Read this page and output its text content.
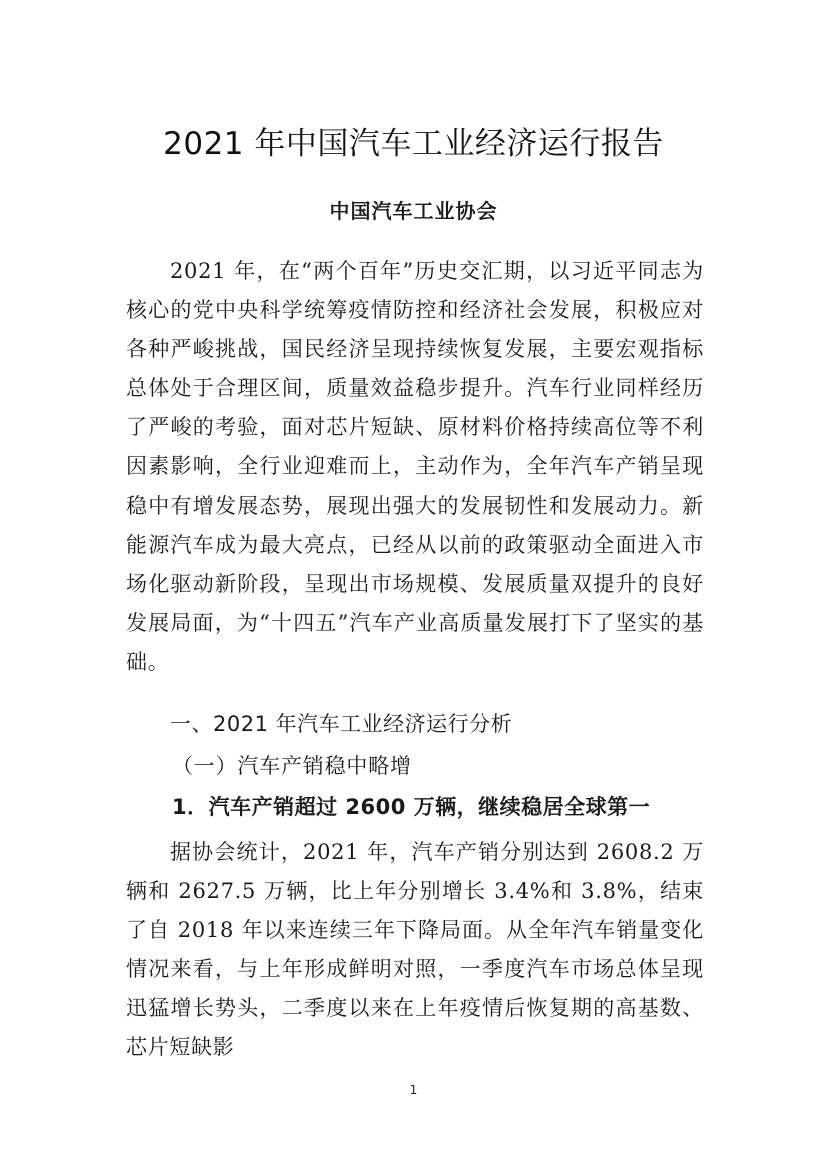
2021 年中国汽车工业经济运行报告
中国汽车工业协会

2021 年，在“两个百年”历史交汇期，以习近平同志为核心的党中央科学统筹疫情防控和经济社会发展，积极应对各种严峻挑战，国民经济呈现持续恢复发展，主要宏观指标总体处于合理区间，质量效益稳步提升。汽车行业同样经历了严峻的考验，面对芯片短缺、原材料价格持续高位等不利因素影响，全行业迎难而上，主动作为，全年汽车产销呈现稳中有增发展态势，展现出强大的发展韧性和发展动力。新能源汽车成为最大亮点，已经从以前的政策驱动全面进入市场化驱动新阶段，呈现出市场规模、发展质量双提升的良好发展局面，为“十四五”汽车产业高质量发展打下了坚实的基础。

一、2021 年汽车工业经济运行分析
（一）汽车产销稳中略增
1．汽车产销超过 2600 万辆，继续稳居全球第一

据协会统计，2021 年，汽车产销分别达到 2608.2 万辆和 2627.5 万辆，比上年分别增长 3.4%和 3.8%，结束了自 2018 年以来连续三年下降局面。从全年汽车销量变化情况来看，与上年形成鲜明对照，一季度汽车市场总体呈现迅猛增长势头，二季度以来在上年疫情后恢复期的高基数、芯片短缺影

1
